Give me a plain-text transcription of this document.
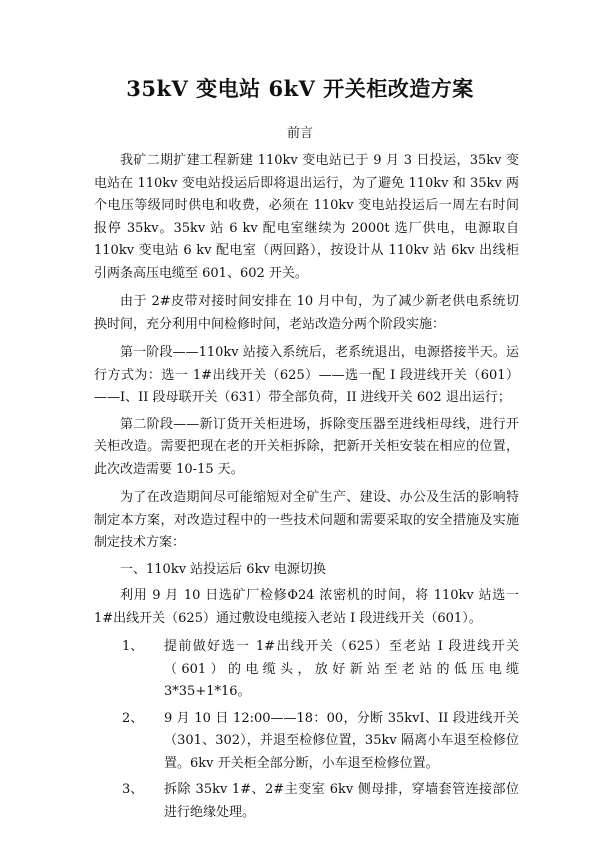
35kV 变电站 6kV 开关柜改造方案
前言

我矿二期扩建工程新建 110kv 变电站已于 9 月 3 日投运，35kv 变电站在 110kv 变电站投运后即将退出运行，为了避免 110kv 和 35kv 两个电压等级同时供电和收费，必须在 110kv 变电站投运后一周左右时间报停 35kv。35kv 站 6 kv 配电室继续为 2000t 选厂供电，电源取自 110kv 变电站 6 kv 配电室（两回路），按设计从 110kv 站 6kv 出线柜引两条高压电缆至 601、602 开关。

由于 2#皮带对接时间安排在 10 月中旬，为了减少新老供电系统切换时间，充分利用中间检修时间，老站改造分两个阶段实施：

第一阶段——110kv 站接入系统后，老系统退出，电源搭接半天。运行方式为：选一 1#出线开关（625）——选一配 I 段进线开关（601）——I、II 段母联开关（631）带全部负荷，II 进线开关 602 退出运行；

第二阶段——新订货开关柜进场，拆除变压器至进线柜母线，进行开关柜改造。需要把现在老的开关柜拆除，把新开关柜安装在相应的位置，此次改造需要 10-15 天。

为了在改造期间尽可能缩短对全矿生产、建设、办公及生活的影响特制定本方案，对改造过程中的一些技术问题和需要采取的安全措施及实施制定技术方案：

一、110kv 站投运后 6kv 电源切换

利用 9 月 10 日选矿厂检修Φ24 浓密机的时间，将 110kv 站选一 1#出线开关（625）通过敷设电缆接入老站 I 段进线开关（601）。

1、	提前做好选一 1#出线开关（625）至老站 I 段进线开关（601）的电缆头，放好新站至老站的低压电缆 3*35+1*16。
2、	9 月 10 日 12:00——18：00，分断 35kvI、II 段进线开关（301、302），并退至检修位置，35kv 隔离小车退至检修位置。6kv 开关柜全部分断，小车退至检修位置。
3、	拆除 35kv 1#、2#主变室 6kv 侧母排，穿墙套管连接部位进行绝缘处理。
